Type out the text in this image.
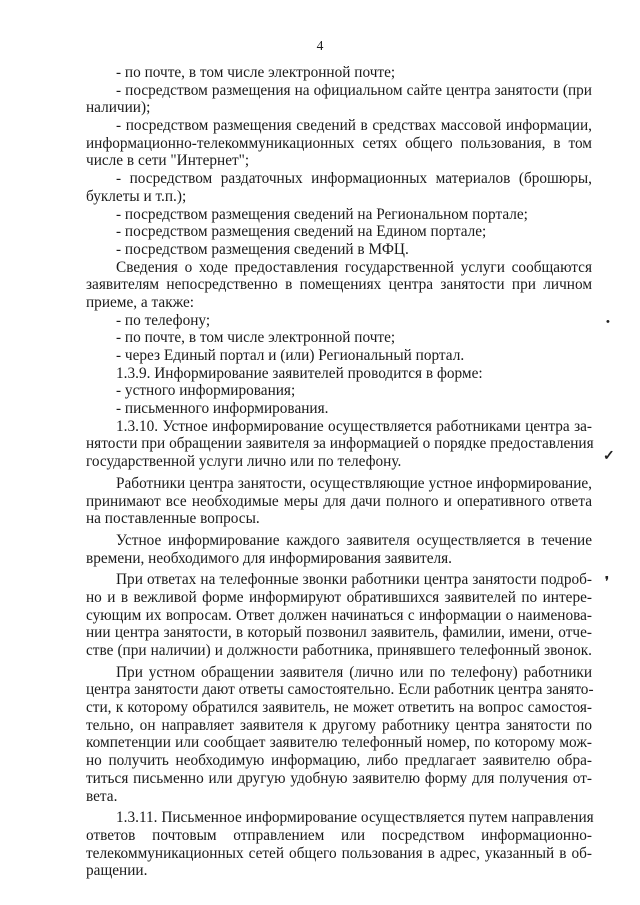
4
- по почте, в том числе электронной почте;
- посредством размещения на официальном сайте центра занятости (при
наличии);
- посредством размещения сведений в средствах массовой информации,
информационно-телекоммуникационных сетях общего пользования, в том
числе в сети "Интернет";
- посредством раздаточных информационных материалов (брошюры,
буклеты и т.п.);
- посредством размещения сведений на Региональном портале;
- посредством размещения сведений на Едином портале;
- посредством размещения сведений в МФЦ.
Сведения о ходе предоставления государственной услуги сообщаются
заявителям непосредственно в помещениях центра занятости при личном
приеме, а также:
- по телефону;
- по почте, в том числе электронной почте;
- через Единый портал и (или) Региональный портал.
1.3.9. Информирование заявителей проводится в форме:
- устного информирования;
- письменного информирования.
1.3.10. Устное информирование осуществляется работниками центра за-
нятости при обращении заявителя за информацией о порядке предоставления
государственной услуги лично или по телефону.
Работники центра занятости, осуществляющие устное информирование,
принимают все необходимые меры для дачи полного и оперативного ответа
на поставленные вопросы.
Устное информирование каждого заявителя осуществляется в течение
времени, необходимого для информирования заявителя.
При ответах на телефонные звонки работники центра занятости подроб-
но и в вежливой форме информируют обратившихся заявителей по интере-
сующим их вопросам. Ответ должен начинаться с информации о наименова-
нии центра занятости, в который позвонил заявитель, фамилии, имени, отче-
стве (при наличии) и должности работника, принявшего телефонный звонок.
При устном обращении заявителя (лично или по телефону) работники
центра занятости дают ответы самостоятельно. Если работник центра занято-
сти, к которому обратился заявитель, не может ответить на вопрос самостоя-
тельно, он направляет заявителя к другому работнику центра занятости по
компетенции или сообщает заявителю телефонный номер, по которому мож-
но получить необходимую информацию, либо предлагает заявителю обра-
титься письменно или другую удобную заявителю форму для получения от-
вета.
1.3.11. Письменное информирование осуществляется путем направления
ответов почтовым отправлением или посредством информационно-
телекоммуникационных сетей общего пользования в адрес, указанный в об-
ращении.
•
✓
❜
